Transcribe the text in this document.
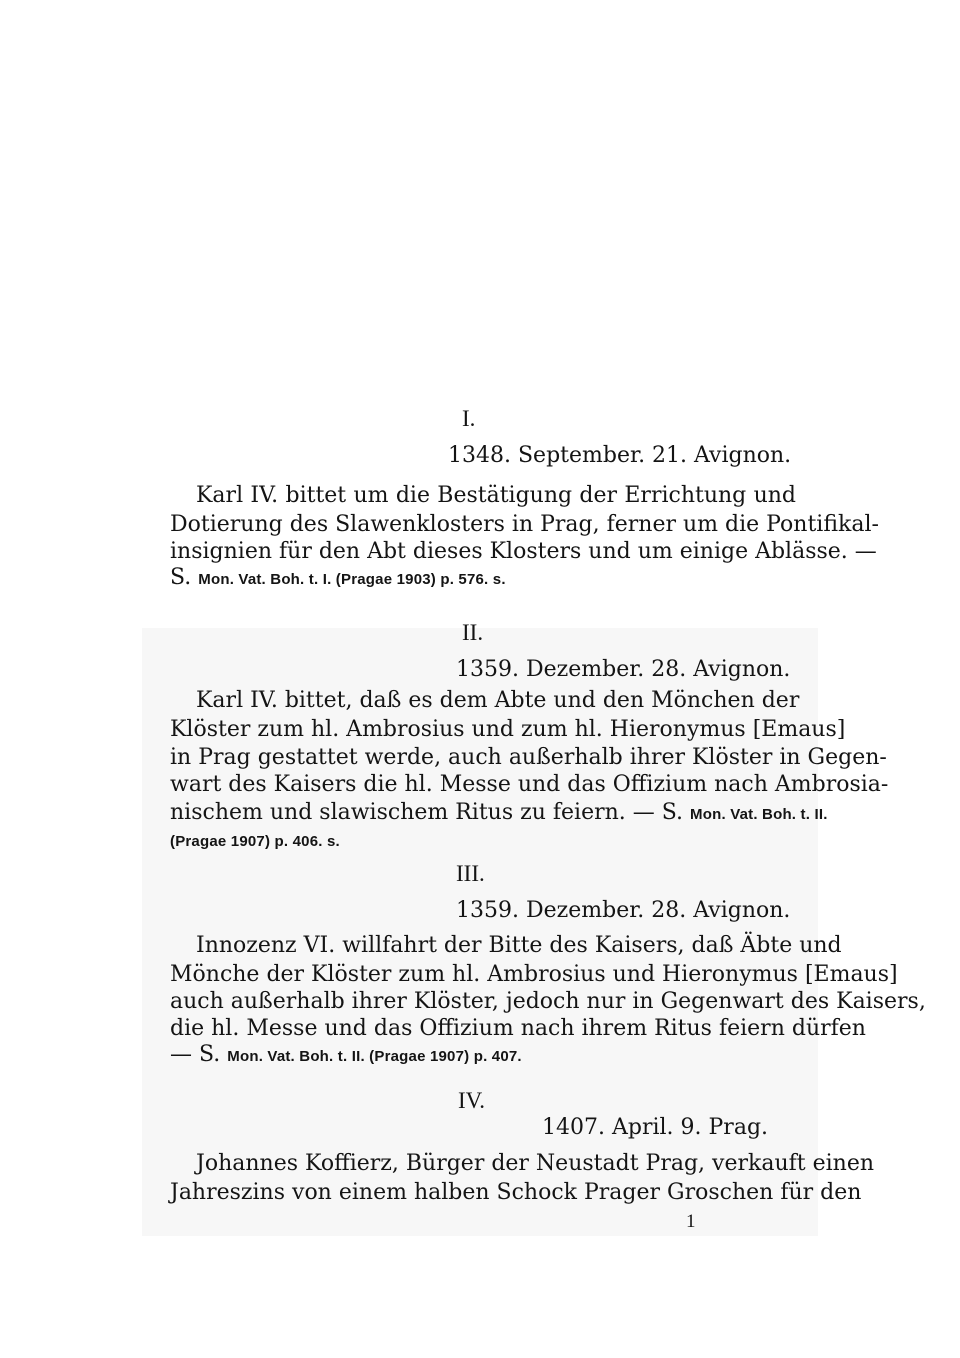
I.
1348. September. 21. Avignon.
Karl IV. bittet um die Bestätigung der Errichtung und
Dotierung des Slawenklosters in Prag, ferner um die Pontifikal-
insignien für den Abt dieses Klosters und um einige Ablässe. —
S. Mon. Vat. Boh. t. I. (Pragae 1903) p. 576. s.
II.
1359. Dezember. 28. Avignon.
Karl IV. bittet, daß es dem Abte und den Mönchen der
Klöster zum hl. Ambrosius und zum hl. Hieronymus [Emaus]
in Prag gestattet werde, auch außerhalb ihrer Klöster in Gegen-
wart des Kaisers die hl. Messe und das Offizium nach Ambrosia-
nischem und slawischem Ritus zu feiern. — S. Mon. Vat. Boh. t. II.
(Pragae 1907) p. 406. s.
III.
1359. Dezember. 28. Avignon.
Innozenz VI. willfahrt der Bitte des Kaisers, daß Äbte und
Mönche der Klöster zum hl. Ambrosius und Hieronymus [Emaus]
auch außerhalb ihrer Klöster, jedoch nur in Gegenwart des Kaisers,
die hl. Messe und das Offizium nach ihrem Ritus feiern dürfen
— S. Mon. Vat. Boh. t. II. (Pragae 1907) p. 407.
IV.
1407. April. 9. Prag.
Johannes Koffierz, Bürger der Neustadt Prag, verkauft einen
Jahreszins von einem halben Schock Prager Groschen für den
1
